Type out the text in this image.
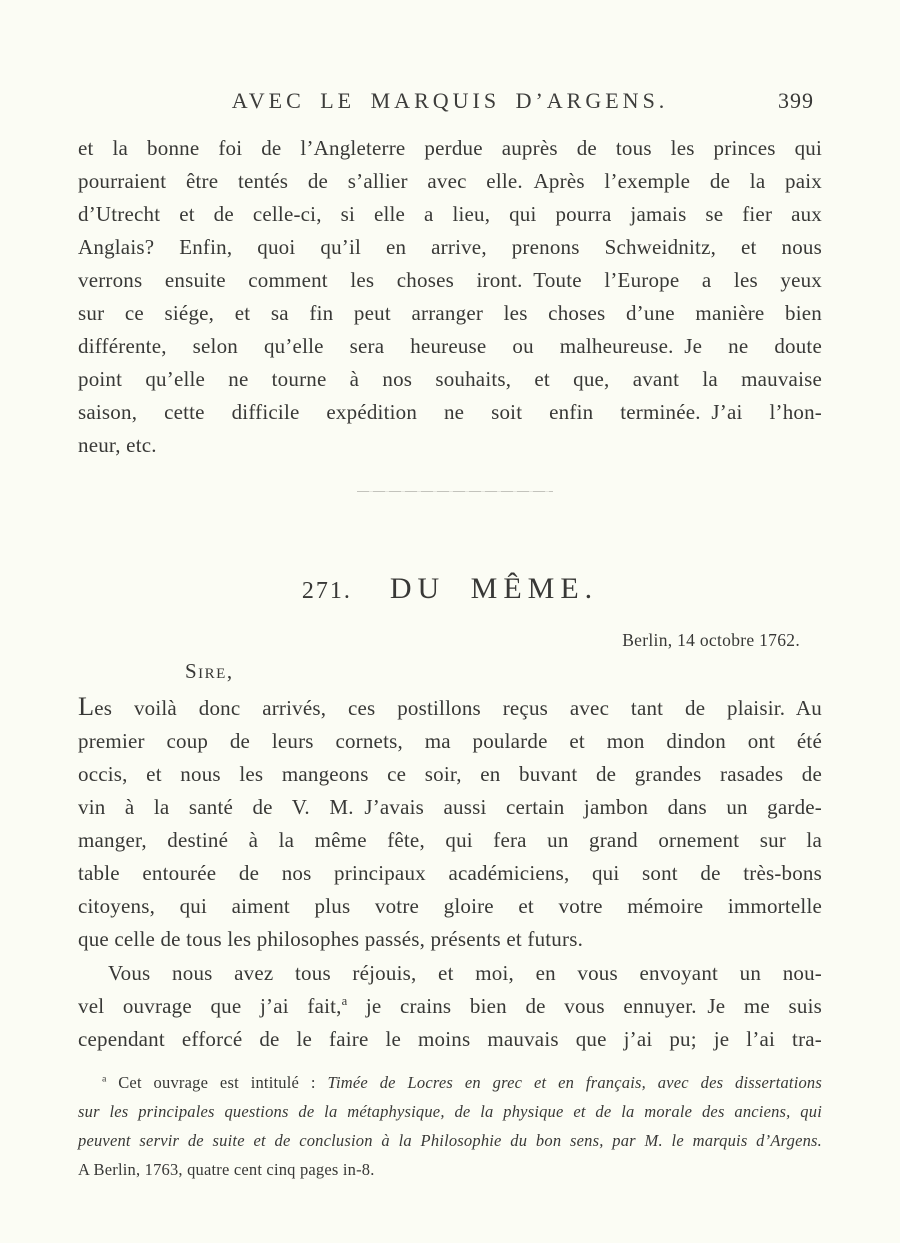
AVEC LE MARQUIS D’ARGENS.	399
et la bonne foi de l’Angleterre perdue auprès de tous les princes qui
pourraient être tentés de s’allier avec elle. Après l’exemple de la paix
d’Utrecht et de celle-ci, si elle a lieu, qui pourra jamais se fier aux
Anglais? Enfin, quoi qu’il en arrive, prenons Schweidnitz, et nous
verrons ensuite comment les choses iront. Toute l’Europe a les yeux
sur ce siége, et sa fin peut arranger les choses d’une manière bien
différente, selon qu’elle sera heureuse ou malheureuse. Je ne doute
point qu’elle ne tourne à nos souhaits, et que, avant la mauvaise
saison, cette difficile expédition ne soit enfin terminée. J’ai l’hon-
neur, etc.
271. DU MÊME.
Berlin, 14 octobre 1762.
Sire,
Les voilà donc arrivés, ces postillons reçus avec tant de plaisir. Au
premier coup de leurs cornets, ma poularde et mon dindon ont été
occis, et nous les mangeons ce soir, en buvant de grandes rasades de
vin à la santé de V. M. J’avais aussi certain jambon dans un garde-
manger, destiné à la même fête, qui fera un grand ornement sur la
table entourée de nos principaux académiciens, qui sont de très-bons
citoyens, qui aiment plus votre gloire et votre mémoire immortelle
que celle de tous les philosophes passés, présents et futurs.
Vous nous avez tous réjouis, et moi, en vous envoyant un nou-
vel ouvrage que j’ai fait,$^a$ je crains bien de vous ennuyer. Je me suis
cependant efforcé de le faire le moins mauvais que j’ai pu; je l’ai tra-
$^a$ Cet ouvrage est intitulé : Timée de Locres en grec et en français, avec des dissertations
sur les principales questions de la métaphysique, de la physique et de la morale des anciens, qui
peuvent servir de suite et de conclusion à la Philosophie du bon sens, par M. le marquis d’Argens.
A Berlin, 1763, quatre cent cinq pages in-8.
